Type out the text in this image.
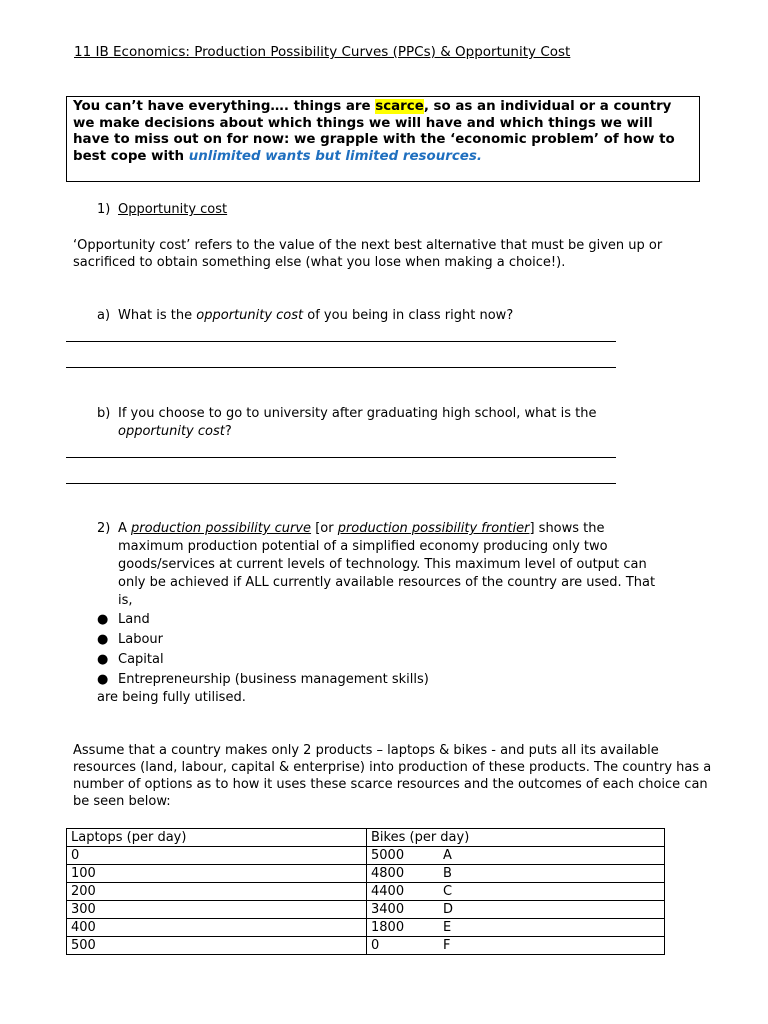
11 IB Economics: Production Possibility Curves (PPCs) & Opportunity Cost
You can’t have everything…. things are scarce, so as an individual or a country we make decisions about which things we will have and which things we will have to miss out on for now: we grapple with the ‘economic problem’ of how to best cope with unlimited wants but limited resources.
1) Opportunity cost
‘Opportunity cost’ refers to the value of the next best alternative that must be given up or sacrificed to obtain something else (what you lose when making a choice!).
a) What is the opportunity cost of you being in class right now?
b) If you choose to go to university after graduating high school, what is the
opportunity cost?
2) A production possibility curve [or production possibility frontier] shows the
maximum production potential of a simplified economy producing only two
goods/services at current levels of technology. This maximum level of output can
only be achieved if ALL currently available resources of the country are used. That
is,
● Land
● Labour
● Capital
● Entrepreneurship (business management skills)
are being fully utilised.
Assume that a country makes only 2 products – laptops & bikes - and puts all its available resources (land, labour, capital & enterprise) into production of these products. The country has a number of options as to how it uses these scarce resources and the outcomes of each choice can be seen below:
Laptops (per day)	Bikes (per day)
0	5000 A
100	4800 B
200	4400 C
300	3400 D
400	1800 E
500	0 F
